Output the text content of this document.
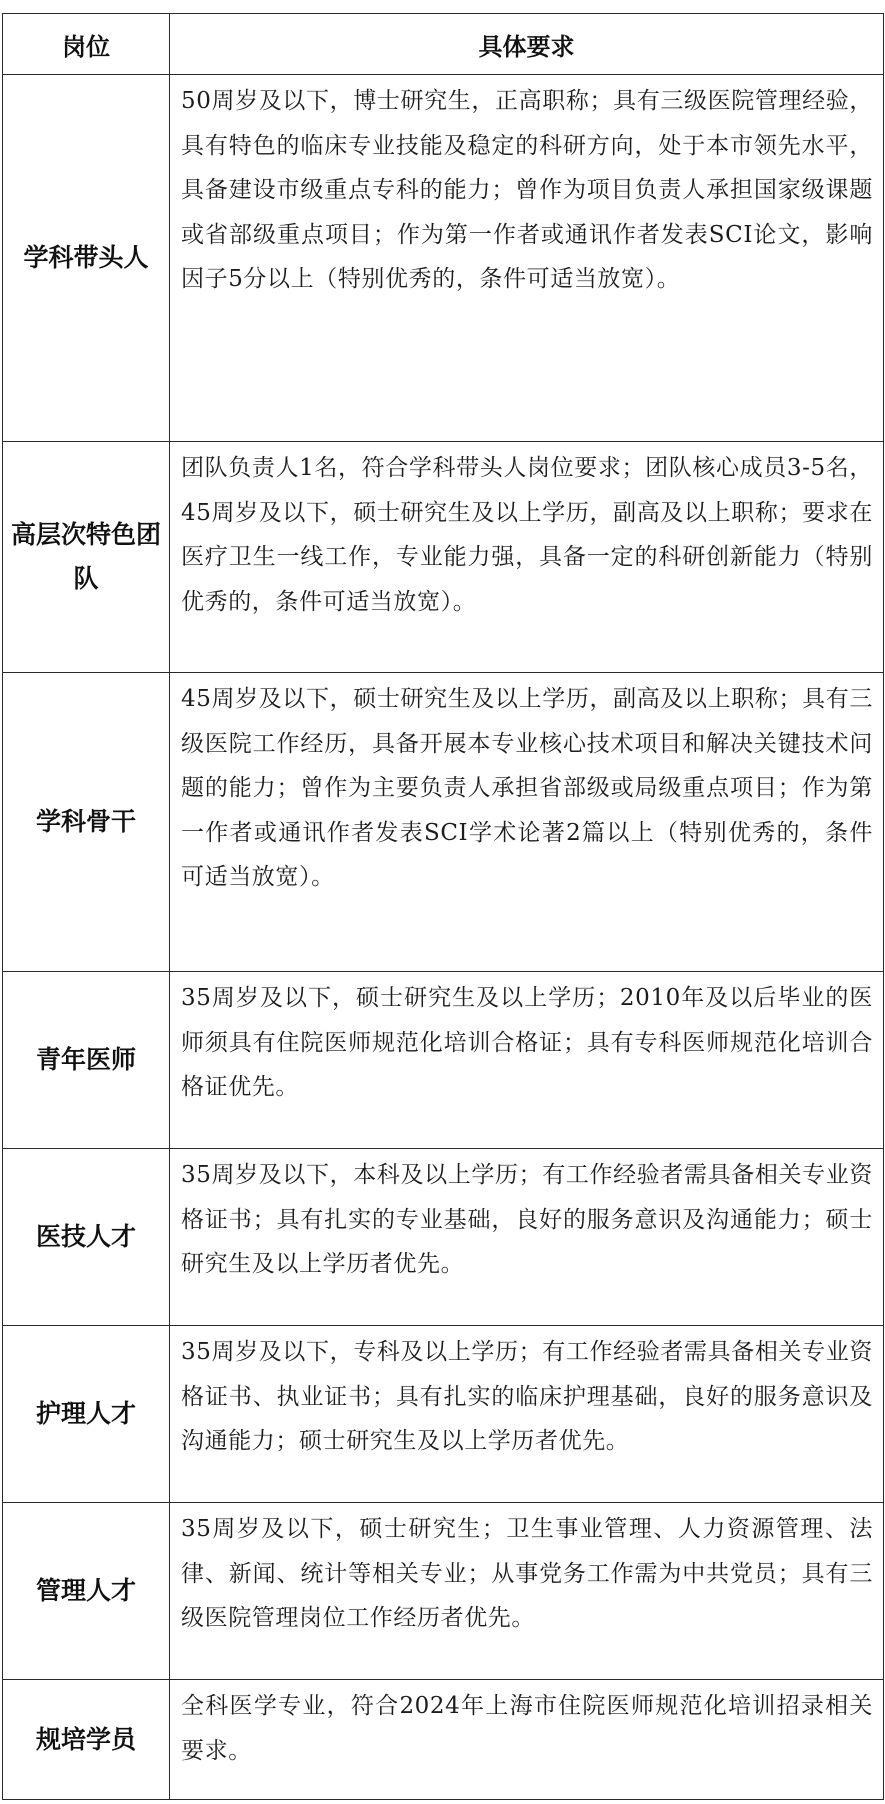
岗位	具体要求
学科带头人	50周岁及以下，博士研究生，正高职称；具有三级医院管理经验，具有特色的临床专业技能及稳定的科研方向，处于本市领先水平，具备建设市级重点专科的能力；曾作为项目负责人承担国家级课题或省部级重点项目；作为第一作者或通讯作者发表SCI论文，影响因子5分以上（特别优秀的，条件可适当放宽）。
高层次特色团队	团队负责人1名，符合学科带头人岗位要求；团队核心成员3-5名，45周岁及以下，硕士研究生及以上学历，副高及以上职称；要求在医疗卫生一线工作，专业能力强，具备一定的科研创新能力（特别优秀的，条件可适当放宽）。
学科骨干	45周岁及以下，硕士研究生及以上学历，副高及以上职称；具有三级医院工作经历，具备开展本专业核心技术项目和解决关键技术问题的能力；曾作为主要负责人承担省部级或局级重点项目；作为第一作者或通讯作者发表SCI学术论著2篇以上（特别优秀的，条件可适当放宽）。
青年医师	35周岁及以下，硕士研究生及以上学历；2010年及以后毕业的医师须具有住院医师规范化培训合格证；具有专科医师规范化培训合格证优先。
医技人才	35周岁及以下，本科及以上学历；有工作经验者需具备相关专业资格证书；具有扎实的专业基础，良好的服务意识及沟通能力；硕士研究生及以上学历者优先。
护理人才	35周岁及以下，专科及以上学历；有工作经验者需具备相关专业资格证书、执业证书；具有扎实的临床护理基础，良好的服务意识及沟通能力；硕士研究生及以上学历者优先。
管理人才	35周岁及以下，硕士研究生；卫生事业管理、人力资源管理、法律、新闻、统计等相关专业；从事党务工作需为中共党员；具有三级医院管理岗位工作经历者优先。
规培学员	全科医学专业，符合2024年上海市住院医师规范化培训招录相关要求。
